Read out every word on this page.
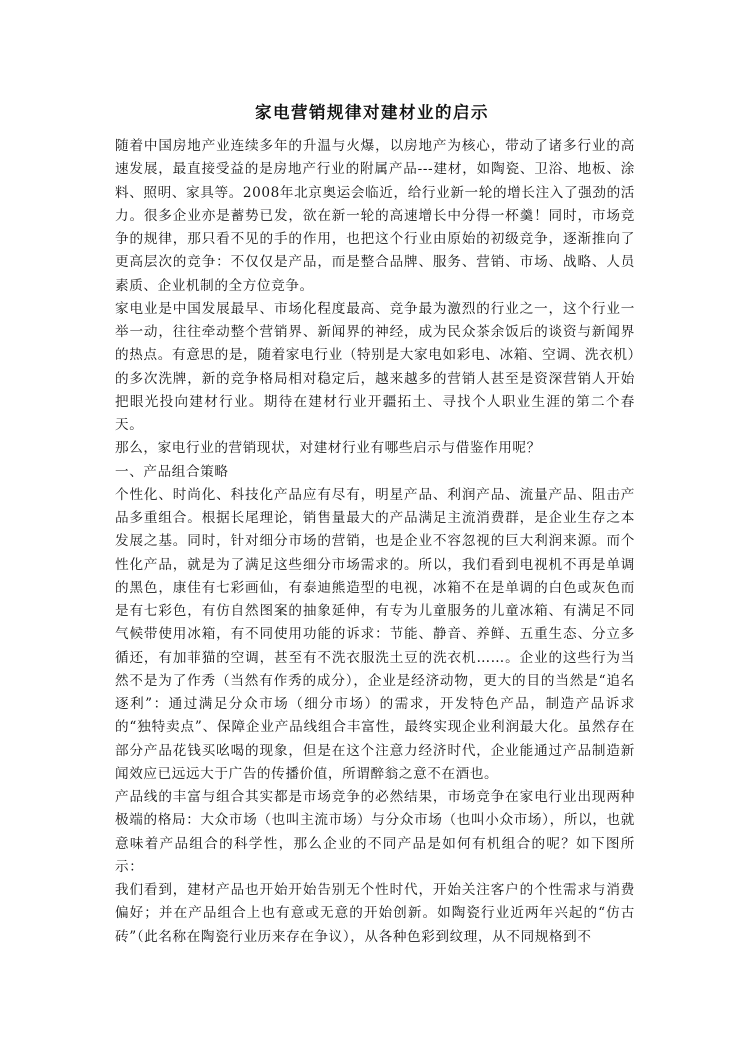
家电营销规律对建材业的启示

随着中国房地产业连续多年的升温与火爆，以房地产为核心，带动了诸多行业的高速发展，最直接受益的是房地产行业的附属产品---建材，如陶瓷、卫浴、地板、涂料、照明、家具等。2008年北京奥运会临近，给行业新一轮的增长注入了强劲的活力。很多企业亦是蓄势已发，欲在新一轮的高速增长中分得一杯羹！同时，市场竞争的规律，那只看不见的手的作用，也把这个行业由原始的初级竞争，逐渐推向了更高层次的竞争：不仅仅是产品，而是整合品牌、服务、营销、市场、战略、人员素质、企业机制的全方位竞争。

家电业是中国发展最早、市场化程度最高、竞争最为激烈的行业之一，这个行业一举一动，往往牵动整个营销界、新闻界的神经，成为民众茶余饭后的谈资与新闻界的热点。有意思的是，随着家电行业（特别是大家电如彩电、冰箱、空调、洗衣机）的多次洗牌，新的竞争格局相对稳定后，越来越多的营销人甚至是资深营销人开始把眼光投向建材行业。期待在建材行业开疆拓土、寻找个人职业生涯的第二个春天。

那么，家电行业的营销现状，对建材行业有哪些启示与借鉴作用呢？

一、产品组合策略

个性化、时尚化、科技化产品应有尽有，明星产品、利润产品、流量产品、阻击产品多重组合。根据长尾理论，销售量最大的产品满足主流消费群，是企业生存之本发展之基。同时，针对细分市场的营销，也是企业不容忽视的巨大利润来源。而个性化产品，就是为了满足这些细分市场需求的。所以，我们看到电视机不再是单调的黑色，康佳有七彩画仙，有泰迪熊造型的电视，冰箱不在是单调的白色或灰色而是有七彩色，有仿自然图案的抽象延伸，有专为儿童服务的儿童冰箱、有满足不同气候带使用冰箱，有不同使用功能的诉求：节能、静音、养鲜、五重生态、分立多循还，有加菲猫的空调，甚至有不洗衣服洗土豆的洗衣机……。企业的这些行为当然不是为了作秀（当然有作秀的成分），企业是经济动物，更大的目的当然是“追名逐利”：通过满足分众市场（细分市场）的需求，开发特色产品，制造产品诉求的“独特卖点”、保障企业产品线组合丰富性，最终实现企业利润最大化。虽然存在部分产品花钱买吆喝的现象，但是在这个注意力经济时代，企业能通过产品制造新闻效应已远远大于广告的传播价值，所谓醉翁之意不在酒也。

产品线的丰富与组合其实都是市场竞争的必然结果，市场竞争在家电行业出现两种极端的格局：大众市场（也叫主流市场）与分众市场（也叫小众市场），所以，也就意味着产品组合的科学性，那么企业的不同产品是如何有机组合的呢？如下图所示：

我们看到，建材产品也开始开始告别无个性时代，开始关注客户的个性需求与消费偏好；并在产品组合上也有意或无意的开始创新。如陶瓷行业近两年兴起的“仿古砖”（此名称在陶瓷行业历来存在争议），从各种色彩到纹理，从不同规格到不
